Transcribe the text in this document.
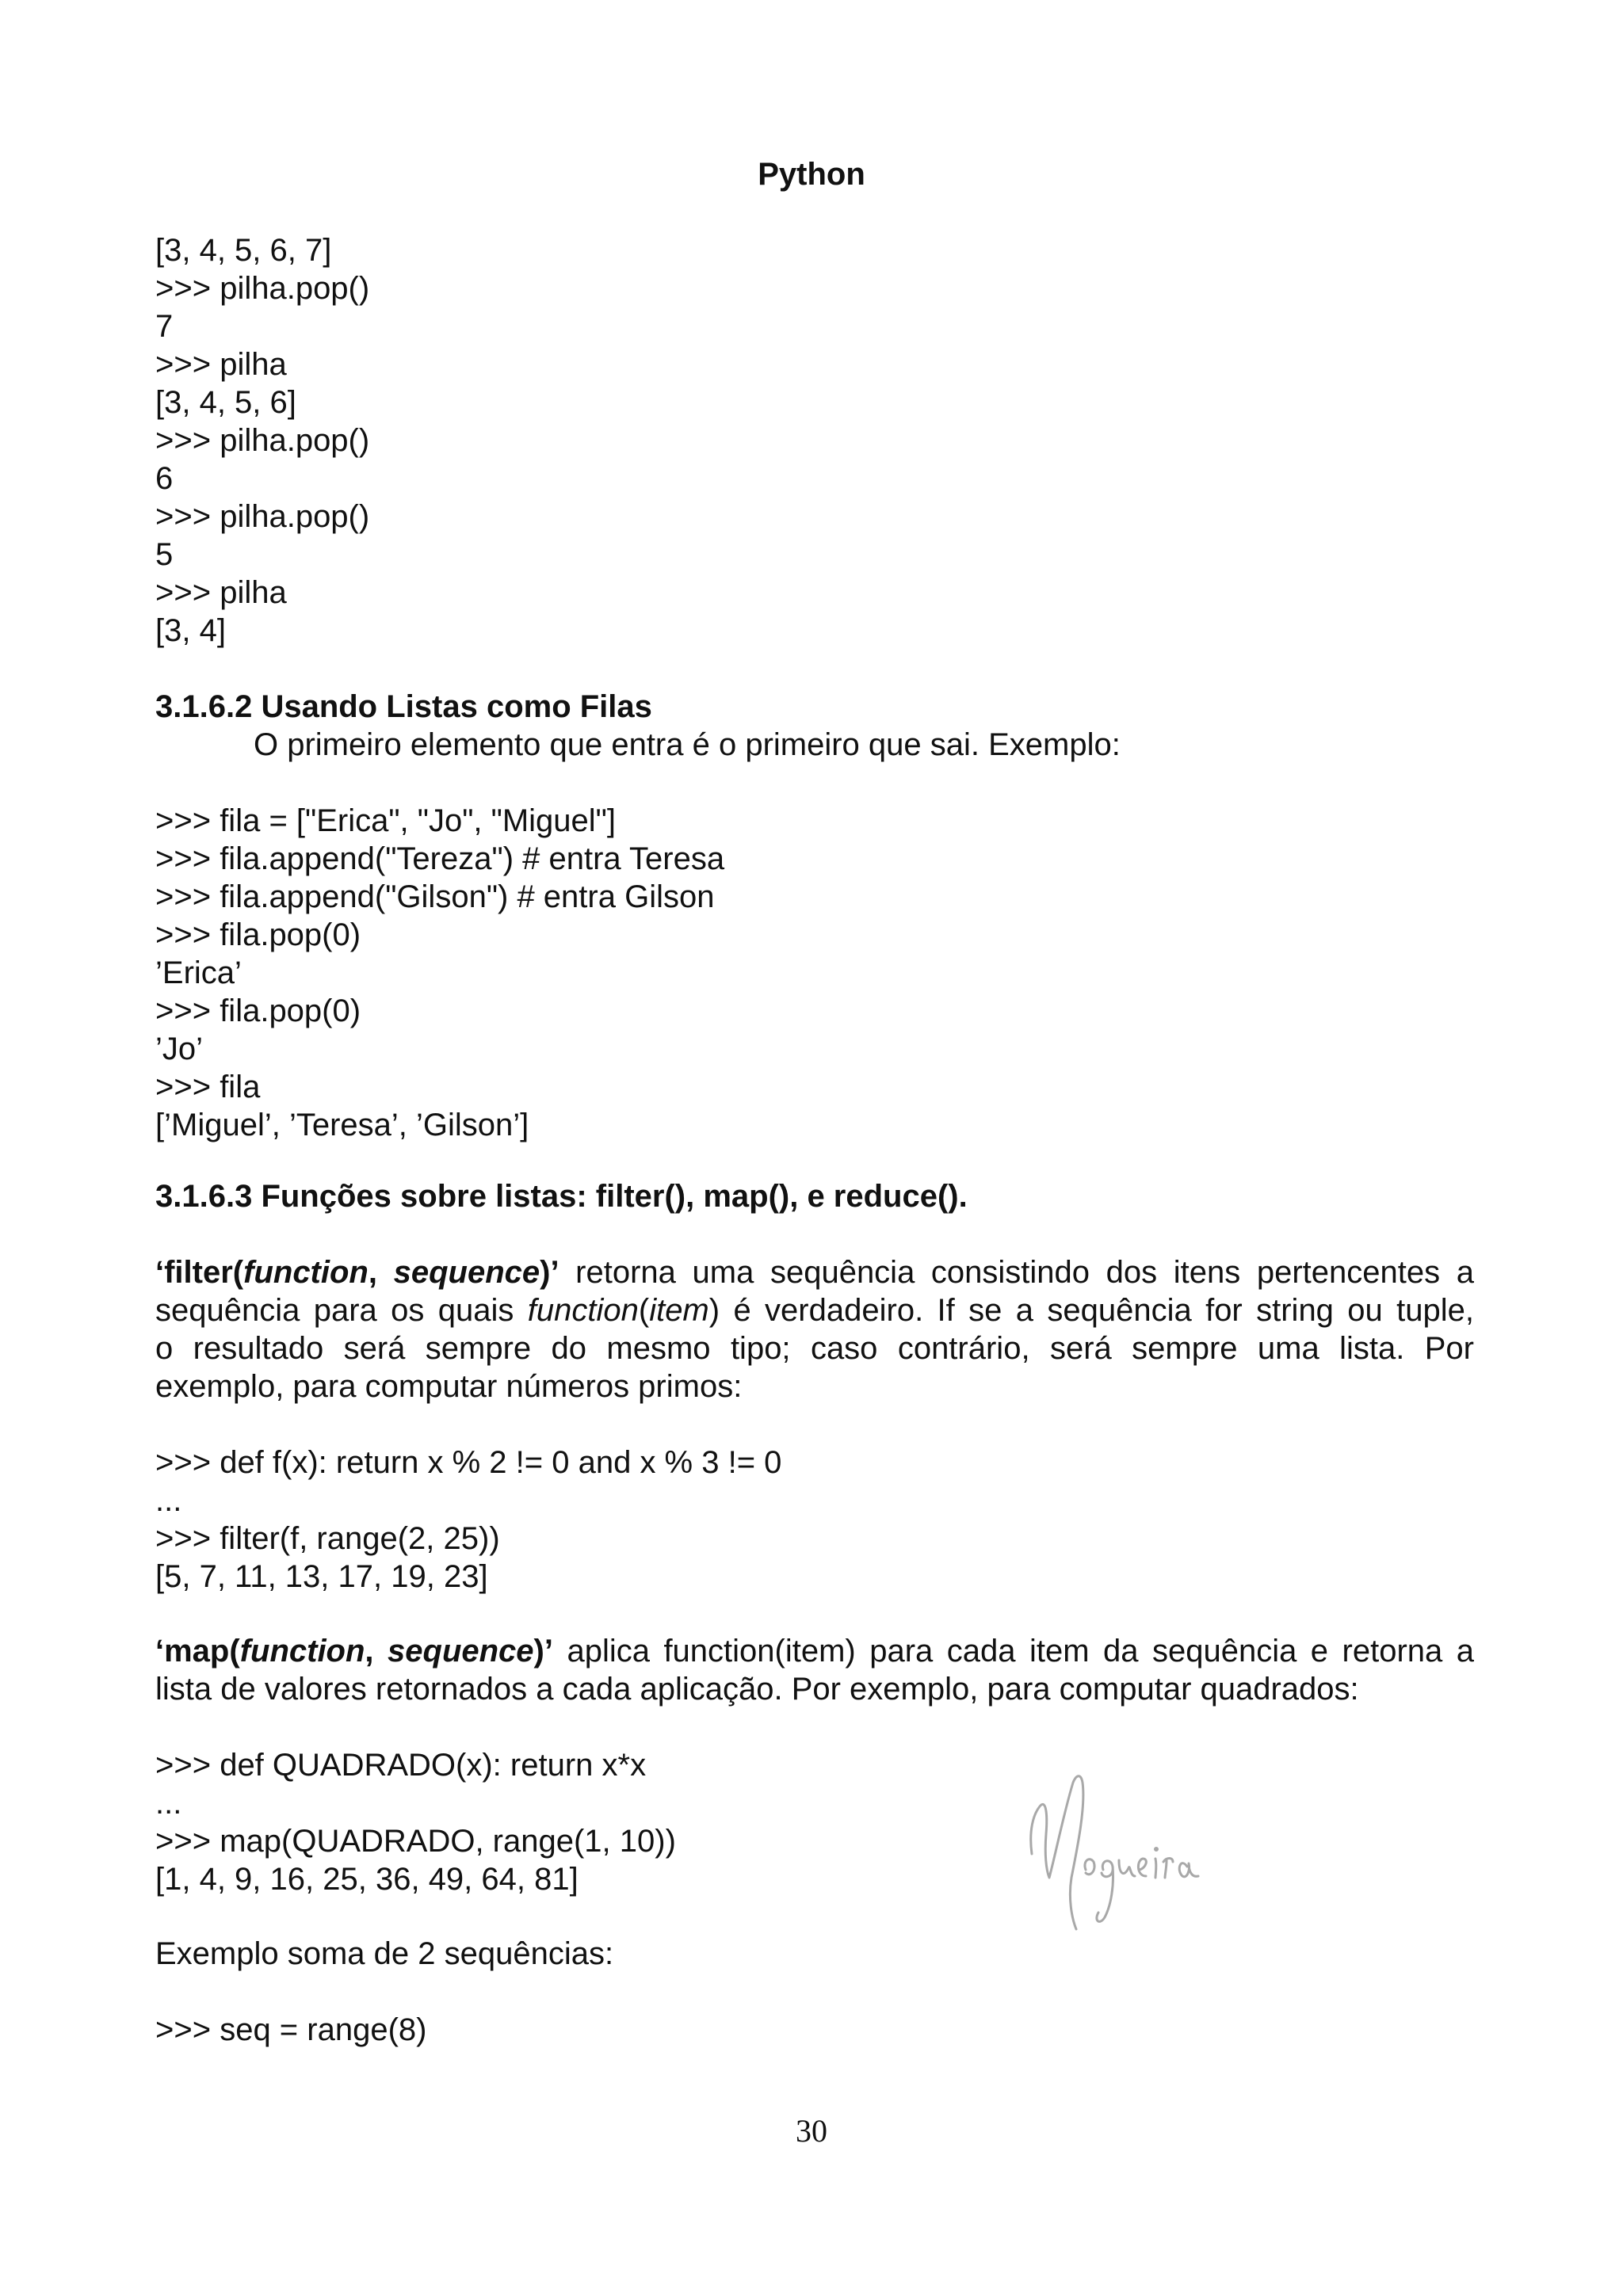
Python
[3, 4, 5, 6, 7]
>>> pilha.pop()
7
>>> pilha
[3, 4, 5, 6]
>>> pilha.pop()
6
>>> pilha.pop()
5
>>> pilha
[3, 4]
3.1.6.2 Usando Listas como Filas
O primeiro elemento que entra é o primeiro que sai. Exemplo:
>>> fila = ["Erica", "Jo", "Miguel"]
>>> fila.append("Tereza") # entra Teresa
>>> fila.append("Gilson") # entra Gilson
>>> fila.pop(0)
’Erica’
>>> fila.pop(0)
’Jo’
>>> fila
[’Miguel’, ’Teresa’, ’Gilson’]
3.1.6.3 Funções sobre listas: filter(), map(), e reduce().
‘filter(function, sequence)’ retorna uma sequência consistindo dos itens pertencentes a
sequência para os quais function(item) é verdadeiro. If se a sequência for string ou tuple,
o resultado será sempre do mesmo tipo; caso contrário, será sempre uma lista. Por
exemplo, para computar números primos:
>>> def f(x): return x % 2 != 0 and x % 3 != 0
...
>>> filter(f, range(2, 25))
[5, 7, 11, 13, 17, 19, 23]
‘map(function, sequence)’ aplica function(item) para cada item da sequência e retorna a
lista de valores retornados a cada aplicação. Por exemplo, para computar quadrados:
>>> def QUADRADO(x): return x*x
...
>>> map(QUADRADO, range(1, 10))
[1, 4, 9, 16, 25, 36, 49, 64, 81]
Exemplo soma de 2 sequências:
>>> seq = range(8)
30
